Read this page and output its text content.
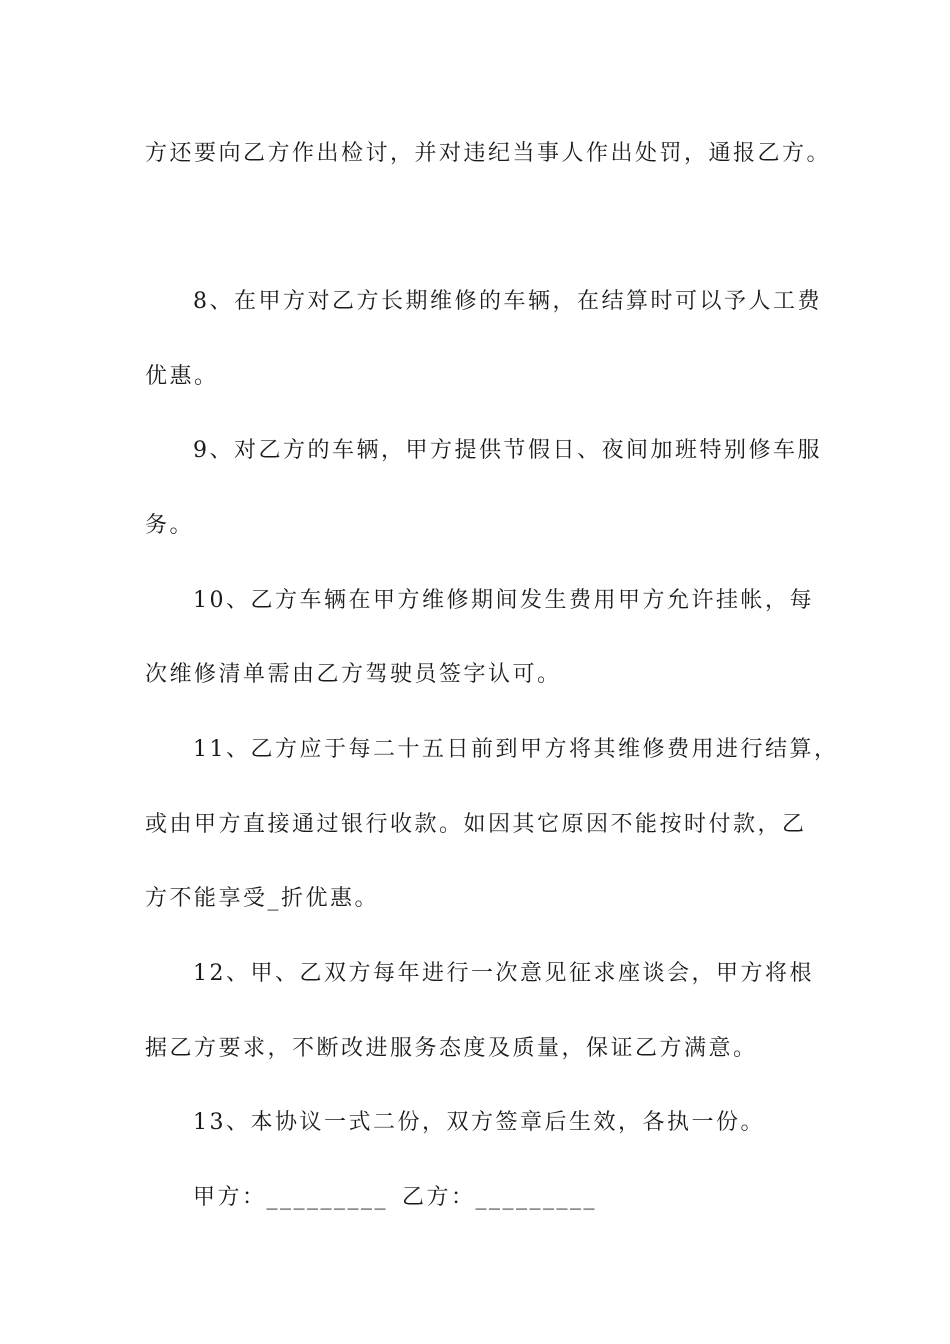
方还要向乙方作出检讨，并对违纪当事人作出处罚，通报乙方。
8、在甲方对乙方长期维修的车辆，在结算时可以予人工费
优惠。
9、对乙方的车辆，甲方提供节假日、夜间加班特别修车服
务。
10、乙方车辆在甲方维修期间发生费用甲方允许挂帐，每
次维修清单需由乙方驾驶员签字认可。
11、乙方应于每二十五日前到甲方将其维修费用进行结算，
或由甲方直接通过银行收款。如因其它原因不能按时付款，乙
方不能享受_折优惠。
12、甲、乙双方每年进行一次意见征求座谈会，甲方将根
据乙方要求，不断改进服务态度及质量，保证乙方满意。
13、本协议一式二份，双方签章后生效，各执一份。
甲方：_________ 乙方：_________
